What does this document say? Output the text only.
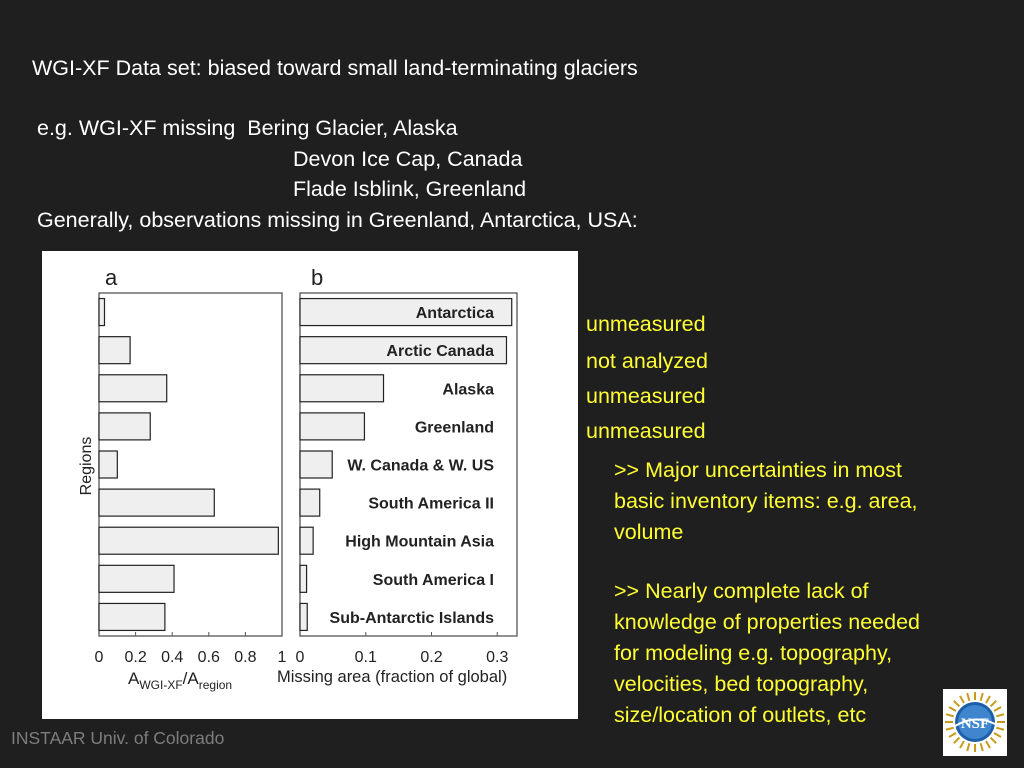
WGI-XF Data set: biased toward small land-terminating glaciers
e.g. WGI-XF missing  Bering Glacier, Alaska
Devon Ice Cap, Canada
Flade Isblink, Greenland
Generally, observations missing in Greenland, Antarctica, USA:
a
0 0.2 0.4 0.6 0.8 1
Regions
$A_{WGI-XF}/A_{region}$
b
Antarctica
Arctic Canada
Alaska
Greenland
W. Canada & W. US
South America II
High Mountain Asia
South America I
Sub-Antarctic Islands
0	0.1	0.2	0.3
Missing area (fraction of global)
unmeasured
not analyzed
unmeasured
unmeasured
>> Major uncertainties in most basic inventory items: e.g. area, volume
>> Nearly complete lack of knowledge of properties needed for modeling e.g. topography, velocities, bed topography, size/location of outlets, etc
INSTAAR Univ. of Colorado
NSF
